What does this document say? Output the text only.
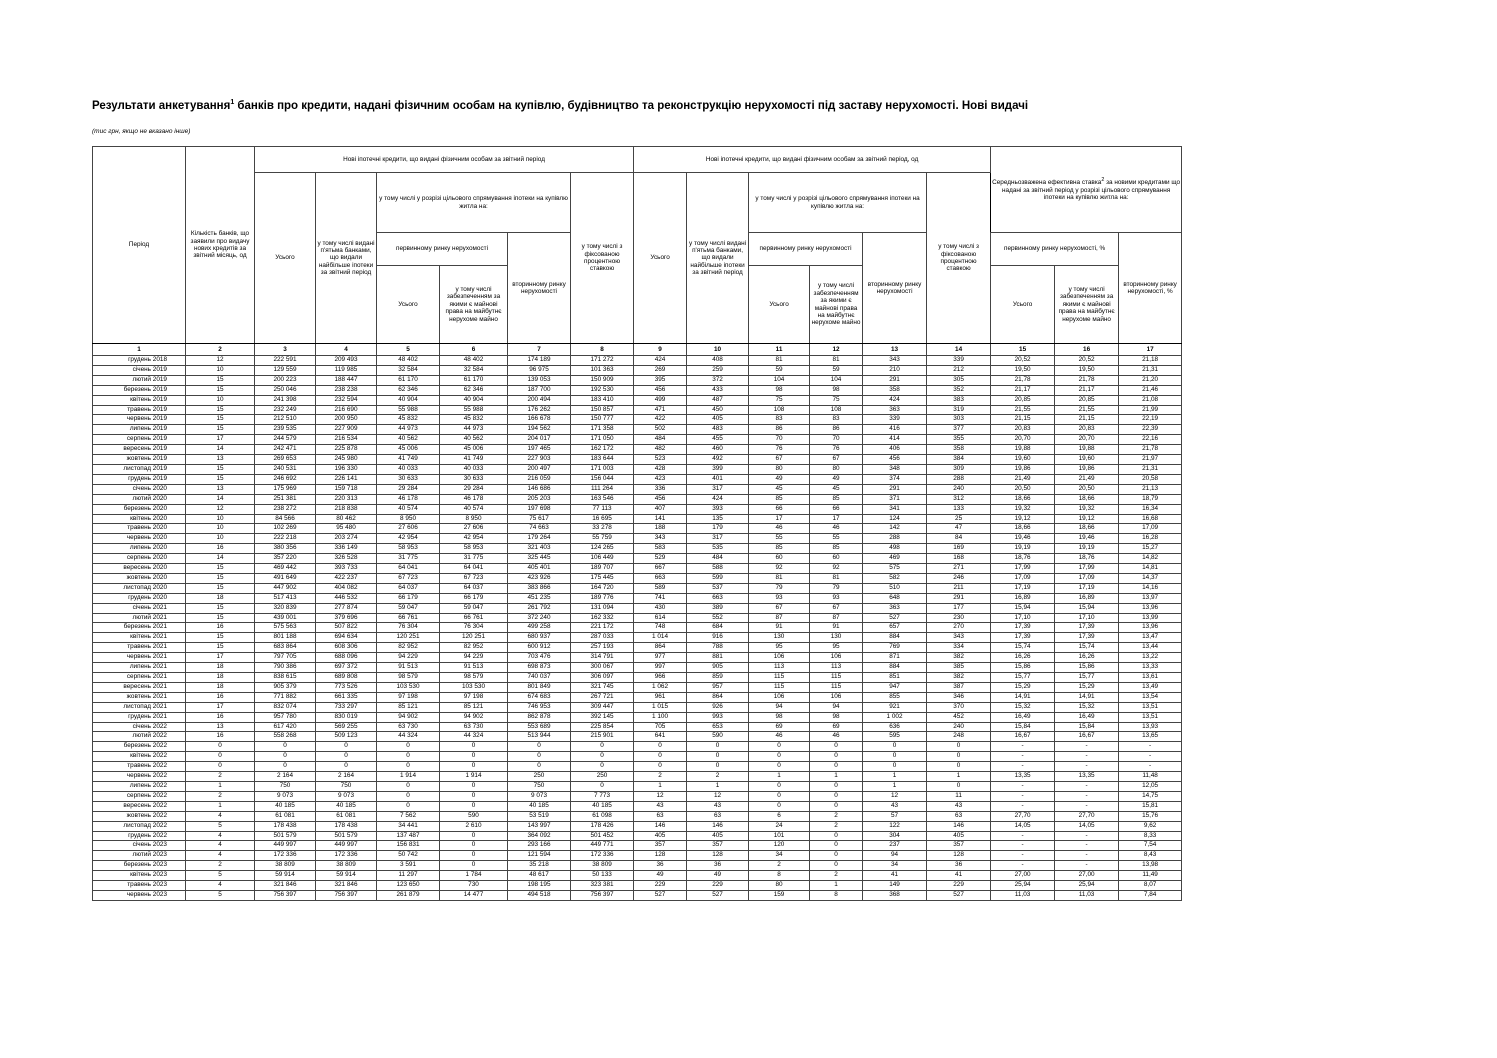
Результати анкетування$^1$ банків про кредити, надані фізичним особам на купівлю, будівництво та реконструкцію нерухомості під заставу нерухомості. Нові видачі
(тис грн, якщо не вказано інше)
Період	Кількість банків, що заявили про видачу нових кредитів за звітний місяць, од	Нові іпотечні кредити, що видані фізичним особам за звітний період						Нові іпотечні кредити, що видані фізичним особам за звітний період, од						Середньозважена ефективна ставка$^2$ за новими кредитами що надані за звітний період у розрізі цільового спрямування іпотеки на купівлю житла на:		
		Усього	у тому числі видані п'ятьма банками, що видали найбільше іпотеки за звітний період	у тому числі у розрізі цільового спрямування іпотеки на купівлю житла на:			у тому числі з фіксованою процентною ставкою	Усього	у тому числі видані п'ятьма банками, що видали найбільше іпотеки за звітний період	у тому числі у розрізі цільового спрямування іпотеки на купівлю житла на:			у тому числі з фіксованою процентною ставкою			
				первинному ринку нерухомості		вторинному ринку нерухомості				первинному ринку нерухомості		вторинному ринку нерухомості		первинному ринку нерухомості, %		вторинному ринку нерухомості, %
				Усього	у тому числі забезпеченням за якими є майнові права на майбутнє нерухоме майно					Усього	у тому числі забезпеченням за якими є майнові права на майбутнє нерухоме майно			Усього	у тому числі забезпеченням за якими є майнові права на майбутнє нерухоме майно	
1	2	3	4	5	6	7	8	9	10	11	12	13	14	15	16	17
грудень 2018	12	222 591	209 493	48 402	48 402	174 189	171 272	424	408	81	81	343	339	20,52	20,52	21,18
січень 2019	10	129 559	119 985	32 584	32 584	96 975	101 363	269	259	59	59	210	212	19,50	19,50	21,31
лютий 2019	15	200 223	188 447	61 170	61 170	139 053	150 909	395	372	104	104	291	305	21,78	21,78	21,20
березень 2019	15	250 046	238 238	62 346	62 346	187 700	192 530	456	433	98	98	358	352	21,17	21,17	21,46
квітень 2019	10	241 398	232 594	40 904	40 904	200 494	183 410	499	487	75	75	424	383	20,85	20,85	21,08
травень 2019	15	232 249	216 690	55 988	55 988	176 262	150 857	471	450	108	108	363	319	21,55	21,55	21,99
червень 2019	15	212 510	200 950	45 832	45 832	166 678	150 777	422	405	83	83	339	303	21,15	21,15	22,19
липень 2019	15	239 535	227 909	44 973	44 973	194 562	171 358	502	483	86	86	416	377	20,83	20,83	22,39
серпень 2019	17	244 579	216 534	40 562	40 562	204 017	171 050	484	455	70	70	414	355	20,70	20,70	22,16
вересень 2019	14	242 471	225 878	45 006	45 006	197 465	162 172	482	460	76	76	406	358	19,88	19,88	21,78
жовтень 2019	13	269 653	245 980	41 749	41 749	227 903	183 644	523	492	67	67	456	384	19,60	19,60	21,97
листопад 2019	15	240 531	196 330	40 033	40 033	200 497	171 003	428	399	80	80	348	309	19,86	19,86	21,31
грудень 2019	15	246 692	226 141	30 633	30 633	216 059	156 044	423	401	49	49	374	288	21,49	21,49	20,58
січень 2020	13	175 969	159 718	29 284	29 284	146 686	111 264	336	317	45	45	291	240	20,50	20,50	21,13
лютий 2020	14	251 381	220 313	46 178	46 178	205 203	163 546	456	424	85	85	371	312	18,66	18,66	18,79
березень 2020	12	238 272	218 838	40 574	40 574	197 698	77 113	407	393	66	66	341	133	19,32	19,32	16,34
квітень 2020	10	84 566	80 462	8 950	8 950	75 617	16 695	141	135	17	17	124	25	19,12	19,12	16,68
травень 2020	10	102 269	95 480	27 606	27 606	74 663	33 278	188	179	46	46	142	47	18,66	18,66	17,09
червень 2020	10	222 218	203 274	42 954	42 954	179 264	55 759	343	317	55	55	288	84	19,46	19,46	16,28
липень 2020	16	380 356	336 149	58 953	58 953	321 403	124 265	583	535	85	85	498	169	19,19	19,19	15,27
серпень 2020	14	357 220	326 528	31 775	31 775	325 445	106 449	529	484	60	60	469	168	18,76	18,76	14,82
вересень 2020	15	469 442	393 733	64 041	64 041	405 401	189 707	667	588	92	92	575	271	17,99	17,99	14,81
жовтень 2020	15	491 649	422 237	67 723	67 723	423 926	175 445	663	599	81	81	582	246	17,09	17,09	14,37
листопад 2020	15	447 902	404 082	64 037	64 037	383 866	164 720	589	537	79	79	510	211	17,19	17,19	14,16
грудень 2020	18	517 413	446 532	66 179	66 179	451 235	189 776	741	663	93	93	648	291	16,89	16,89	13,97
січень 2021	15	320 839	277 874	59 047	59 047	261 792	131 094	430	389	67	67	363	177	15,94	15,94	13,96
лютий 2021	15	439 001	379 696	66 761	66 761	372 240	162 332	614	552	87	87	527	230	17,10	17,10	13,99
березень 2021	16	575 563	507 822	76 304	76 304	499 258	221 172	748	684	91	91	657	270	17,39	17,39	13,96
квітень 2021	15	801 188	694 634	120 251	120 251	680 937	287 033	1 014	916	130	130	884	343	17,39	17,39	13,47
травень 2021	15	683 864	608 306	82 952	82 952	600 912	257 193	864	788	95	95	769	334	15,74	15,74	13,44
червень 2021	17	797 705	688 096	94 229	94 229	703 476	314 791	977	881	106	106	871	382	16,26	16,26	13,22
липень 2021	18	790 386	697 372	91 513	91 513	698 873	300 067	997	905	113	113	884	385	15,86	15,86	13,33
серпень 2021	18	838 615	689 808	98 579	98 579	740 037	306 097	966	859	115	115	851	382	15,77	15,77	13,61
вересень 2021	18	905 379	773 526	103 530	103 530	801 849	321 745	1 062	957	115	115	947	387	15,29	15,29	13,49
жовтень 2021	16	771 882	661 335	97 198	97 198	674 683	267 721	961	864	106	106	855	346	14,91	14,91	13,54
листопад 2021	17	832 074	733 297	85 121	85 121	746 953	309 447	1 015	926	94	94	921	370	15,32	15,32	13,51
грудень 2021	16	957 780	830 019	94 902	94 902	862 878	392 145	1 100	993	98	98	1 002	452	16,49	16,49	13,51
січень 2022	13	617 420	569 255	63 730	63 730	553 689	225 854	705	653	69	69	636	240	15,84	15,84	13,93
лютий 2022	16	558 268	509 123	44 324	44 324	513 944	215 901	641	590	46	46	595	248	16,67	16,67	13,65
березень 2022	0	0	0	0	0	0	0	0	0	0	0	0	0	-	-	-
квітень 2022	0	0	0	0	0	0	0	0	0	0	0	0	0	-	-	-
травень 2022	0	0	0	0	0	0	0	0	0	0	0	0	0	-	-	-
червень 2022	2	2 164	2 164	1 914	1 914	250	250	2	2	1	1	1	1	13,35	13,35	11,48
липень 2022	1	750	750	0	0	750	0	1	1	0	0	1	0	-	-	12,05
серпень 2022	2	9 073	9 073	0	0	9 073	7 773	12	12	0	0	12	11	-	-	14,75
вересень 2022	1	40 185	40 185	0	0	40 185	40 185	43	43	0	0	43	43	-	-	15,81
жовтень 2022	4	61 081	61 081	7 562	590	53 519	61 098	63	63	6	2	57	63	27,70	27,70	15,76
листопад 2022	5	178 438	178 438	34 441	2 610	143 997	178 426	146	146	24	2	122	146	14,05	14,05	9,62
грудень 2022	4	501 579	501 579	137 487	0	364 092	501 452	405	405	101	0	304	405	-	-	8,33
січень 2023	4	449 997	449 997	156 831	0	293 166	449 771	357	357	120	0	237	357	-	-	7,54
лютий 2023	4	172 336	172 336	50 742	0	121 594	172 336	128	128	34	0	94	128	-	-	8,43
березень 2023	2	38 809	38 809	3 591	0	35 218	38 809	36	36	2	0	34	36	-	-	13,98
квітень 2023	5	59 914	59 914	11 297	1 784	48 617	50 133	49	49	8	2	41	41	27,00	27,00	11,49
травень 2023	4	321 846	321 846	123 650	730	198 195	323 381	229	229	80	1	149	229	25,94	25,94	8,07
червень 2023	5	756 397	756 397	261 879	14 477	494 518	756 397	527	527	159	8	368	527	11,03	11,03	7,84
